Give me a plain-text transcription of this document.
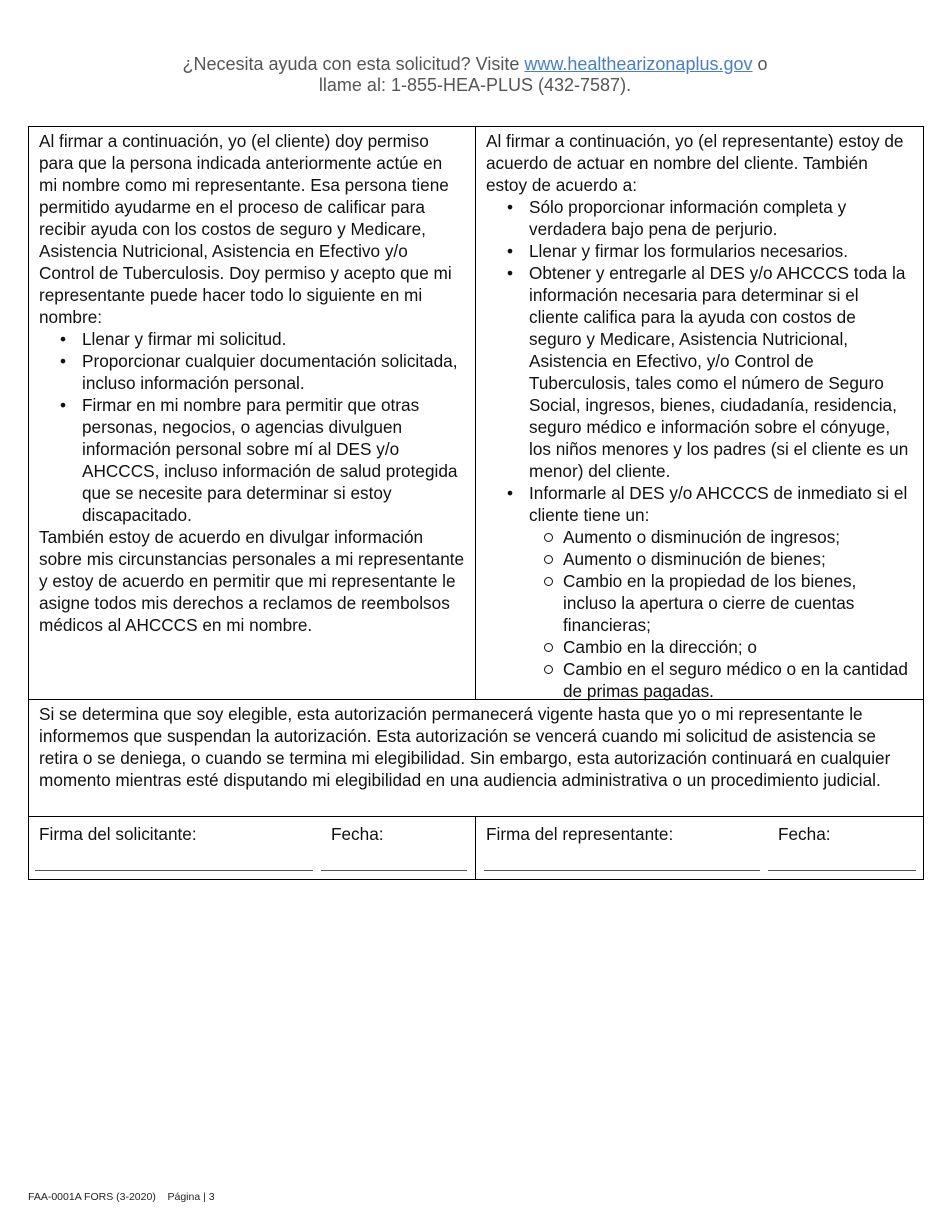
¿Necesita ayuda con esta solicitud? Visite www.healthearizonaplus.gov o
llame al: 1-855-HEA-PLUS (432-7587).

Al firmar a continuación, yo (el cliente) doy permiso para que la persona indicada anteriormente actúe en mi nombre como mi representante. Esa persona tiene permitido ayudarme en el proceso de calificar para recibir ayuda con los costos de seguro y Medicare, Asistencia Nutricional, Asistencia en Efectivo y/o Control de Tuberculosis. Doy permiso y acepto que mi representante puede hacer todo lo siguiente en mi nombre:

• Llenar y firmar mi solicitud.
• Proporcionar cualquier documentación solicitada, incluso información personal.
• Firmar en mi nombre para permitir que otras personas, negocios, o agencias divulguen información personal sobre mí al DES y/o AHCCCS, incluso información de salud protegida que se necesite para determinar si estoy discapacitado.

También estoy de acuerdo en divulgar información sobre mis circunstancias personales a mi representante y estoy de acuerdo en permitir que mi representante le asigne todos mis derechos a reclamos de reembolsos médicos al AHCCCS en mi nombre.

Al firmar a continuación, yo (el representante) estoy de acuerdo de actuar en nombre del cliente. También estoy de acuerdo a:

• Sólo proporcionar información completa y verdadera bajo pena de perjurio.
• Llenar y firmar los formularios necesarios.
• Obtener y entregarle al DES y/o AHCCCS toda la información necesaria para determinar si el cliente califica para la ayuda con costos de seguro y Medicare, Asistencia Nutricional, Asistencia en Efectivo, y/o Control de Tuberculosis, tales como el número de Seguro Social, ingresos, bienes, ciudadanía, residencia, seguro médico e información sobre el cónyuge, los niños menores y los padres (si el cliente es un menor) del cliente.
• Informarle al DES y/o AHCCCS de inmediato si el cliente tiene un:
Aumento o disminución de ingresos;
Aumento o disminución de bienes;
Cambio en la propiedad de los bienes, incluso la apertura o cierre de cuentas financieras;
Cambio en la dirección; o
Cambio en el seguro médico o en la cantidad de primas pagadas.
Si se determina que soy elegible, esta autorización permanecerá vigente hasta que yo o mi representante le informemos que suspendan la autorización. Esta autorización se vencerá cuando mi solicitud de asistencia se retira o se deniega, o cuando se termina mi elegibilidad. Sin embargo, esta autorización continuará en cualquier momento mientras esté disputando mi elegibilidad en una audiencia administrativa o un procedimiento judicial.
Firma del solicitante:	Fecha:	Firma del representante:	Fecha:
FAA-0001A FORS (3-2020) Página | 3
